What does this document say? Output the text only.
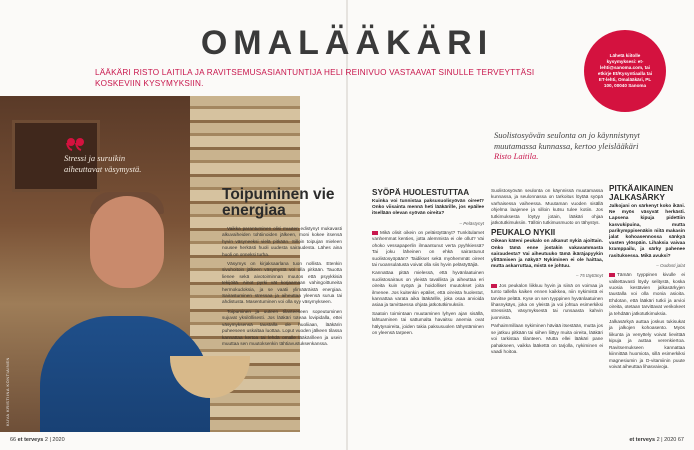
OMALÄÄKÄRI
LÄÄKÄRI RISTO LAITILA JA RAVITSEMUSASIANTUNTIJA HELI REINIVUO VASTAAVAT SINULLE TERVEYTTÄSI KOSKEVIIN KYSYMYKSIIN.
Lähetä kiitolle kysymyksesi: et-lehti@sanoma.com, tai etkirje Et/Kysyntiaalla tai ET-lehti, Omalääkäri, PL 100, 00040 Sanoma
KUVA KRISTIINA KONTIAINEN
Stressi ja suruikin aiheuttavat väsymystä.
Toipuminen vie energiaa

Vaikka parantuminen olisi muuten edistynyt mukavasti alkuvaiheiden tohtiinoiden jälkeen, moni kokee itsensä hyvin väsyneeksi vielä pitkään. Silloin toipujan mieleen nousee herkästi huoli uudesta sairaudesta. Lähes aina huoli on onneksi turha.

Väsymys on kirjaksaarlana tuon nollista. Etenkin sivuhoitoin jälkeen väsymystä voi olla pitkään. Tauotta lienee sekä aivotoiminnan muutos että psyykkisiä tekijöitä. Ainot pyrki vät korjaamaan vahingoittuneita hermokudoksia, ja se vaatii ylimääräistä energiaa. Sairastuminen stressaa ja aiheuttaa yleensä surua tai ahdistusta. Masentuminen voi olla syy väsymykseen.

Toipuminen ja uuteen tilanteeseen sopeutuminen sujuvat yksilöllisesti. Jos lääkäri toteaa lovipidalla, ettei väsymyksensä taustalla ole huoliiaan, lääkärin puheeseen uskaltaa luottaa. Loput vuoden jälkeen tilassa kannattaa kertoa tai lehdä omalle lääkärilleen ja usein muuttaa sen muutoksenkin tähtiavustuksenkanssa.

Suolistosyövän seulonta on jo käynnistynyt muutamassa kunnassa, kertoo yleislääkäri Risto Laitila.
SYÖPÄ HUOLESTUTTAA
Kuinka voi tunnistaa paksusuolisyövän oireet? Onko viisainta mennä heti lääkärille, jos epäilee itsellään olevan syövän oireita?
– Pelästynyt

Mikä olisit oikein on peläistyttänyt? Tunkitulamet vanhemmat kenties, jotta alemmista ei ole ollut? Vai ohoko vessapaperlin ilmaantunut verta pyyhkiessä? Tai joku läheinen on ehkä sairastunut suolistosyöpään? Taidikset sekä myöhemmät oireet tai ruoansulatusta voivat olla siis hyvin pelästyttäjiä.

Kannattaa pitää mielessä, että hyvänlaatuinen suolistosairaus on yleistä tavallista ja aiheuttaa eri oireita kuin syöpä ja hoidolliset muutokset joita ilmenee. Jos kuitenkin epäilet, että oireista huolestut, kannattaa varata aika lääkärille, joka osaa arvioida asiaa ja tarvittaessa ohjata jatkotutkimuksiin.

Saatoin toimintaan muutaminen lyhyen ajan sisällä, lahtuaminen tai sattumalta havaitsu anemia ovat hälytysoireita, joiden takia paksusuolen tähystäminen on yleensä tarpeen.

Suolistosyövän seulonta on käynnissä muutamassa kunnassa, ja seulonnassa on tarkoitus löytää syöpä varhaisessa vaiheessa. Muutaman vuoden sisällä ohjelma laajenee ja silloin kutsu tulee kotiin. Jos tutkimuksesta löytyy jotain, lääkäri ohjaa jatkotutkimuksiin. Tällöin tutkimusmuoto on tähystys.

PEUKALO NYKII
Oikean käteni peukalo on alkanut nykiä ajoittain. Onko tämä enne jostakin vakavammasta sairaudesta? Vai aiheutuuko tämä ikäräjapyykin ylittämisen ja näkyä? Nykiminen ei ole haittaa, mutta askarruttaa, mistä se johtuu.
– 75 täyttänyt

Jos peukalon liikkuu hyvin ja siinä on voimaa ja tunto tallella kaiken ennen kaikkea, niin nykimistä ei tarvitse pelätä. Kyse on sen tyyppinen hyvänlaatuinen lihasnykäys, joka on yleistä ja voi johtua esimerkiksi stressistä, väsymyksestä tai runsaasta kahvin juonnista.

Parhaimmillaan nykiminen häviää itsestään, mutta jos se jatkuu pitkään tai siihen liittyy muita oireita, lääkäri voi tarkistaa tilanteen. Mutta ellei lääkäri pane pahakseen, vaikka lääkettä on tarjolla, nykiminen ei vaadi hoitoa.

PITKÄAIKAINEN JALKASÄRKY
Jalkojani on särkenyt koko ikäni. Ne myös väsyvät herkästi. Lapsena kipuja pidettiin kasvukipuina, mutta parikymppisenäkin niitä makasin jalat kohoasennossa sänkyä vasten ylöspäin. Lihaksia vaivaa kramppailu, ja särky pahenee rasituksessa. Mikä avuksi?
– Oudosti jalat

Tämän tyyppinen kivulle ei valitettavasti löydy selitystä, koska vuosia kestävien jalkasärkyjen taustalla voi olla monia asioita. Ehdotan, että lääkäri tutkii ja arvioi oireita, otetaan tarvittavat verikokeet ja tehdään jatkotutkimuksia.

Jalkasärkyä auttaa joskus tukisukat ja jalkojen kohoasento. Myös liikunta ja venyttely voivat lievittää kipuja ja auttaa verenkiertoa. Ravitsemukseen kannattaa kiinnittää huomiota, sillä esimerkiksi magnesiumin ja D-vitamiinin puute voivat aiheuttaa lihasvaivoja.

66 et terveys 2 | 2020	et terveys 2 | 2020 67
